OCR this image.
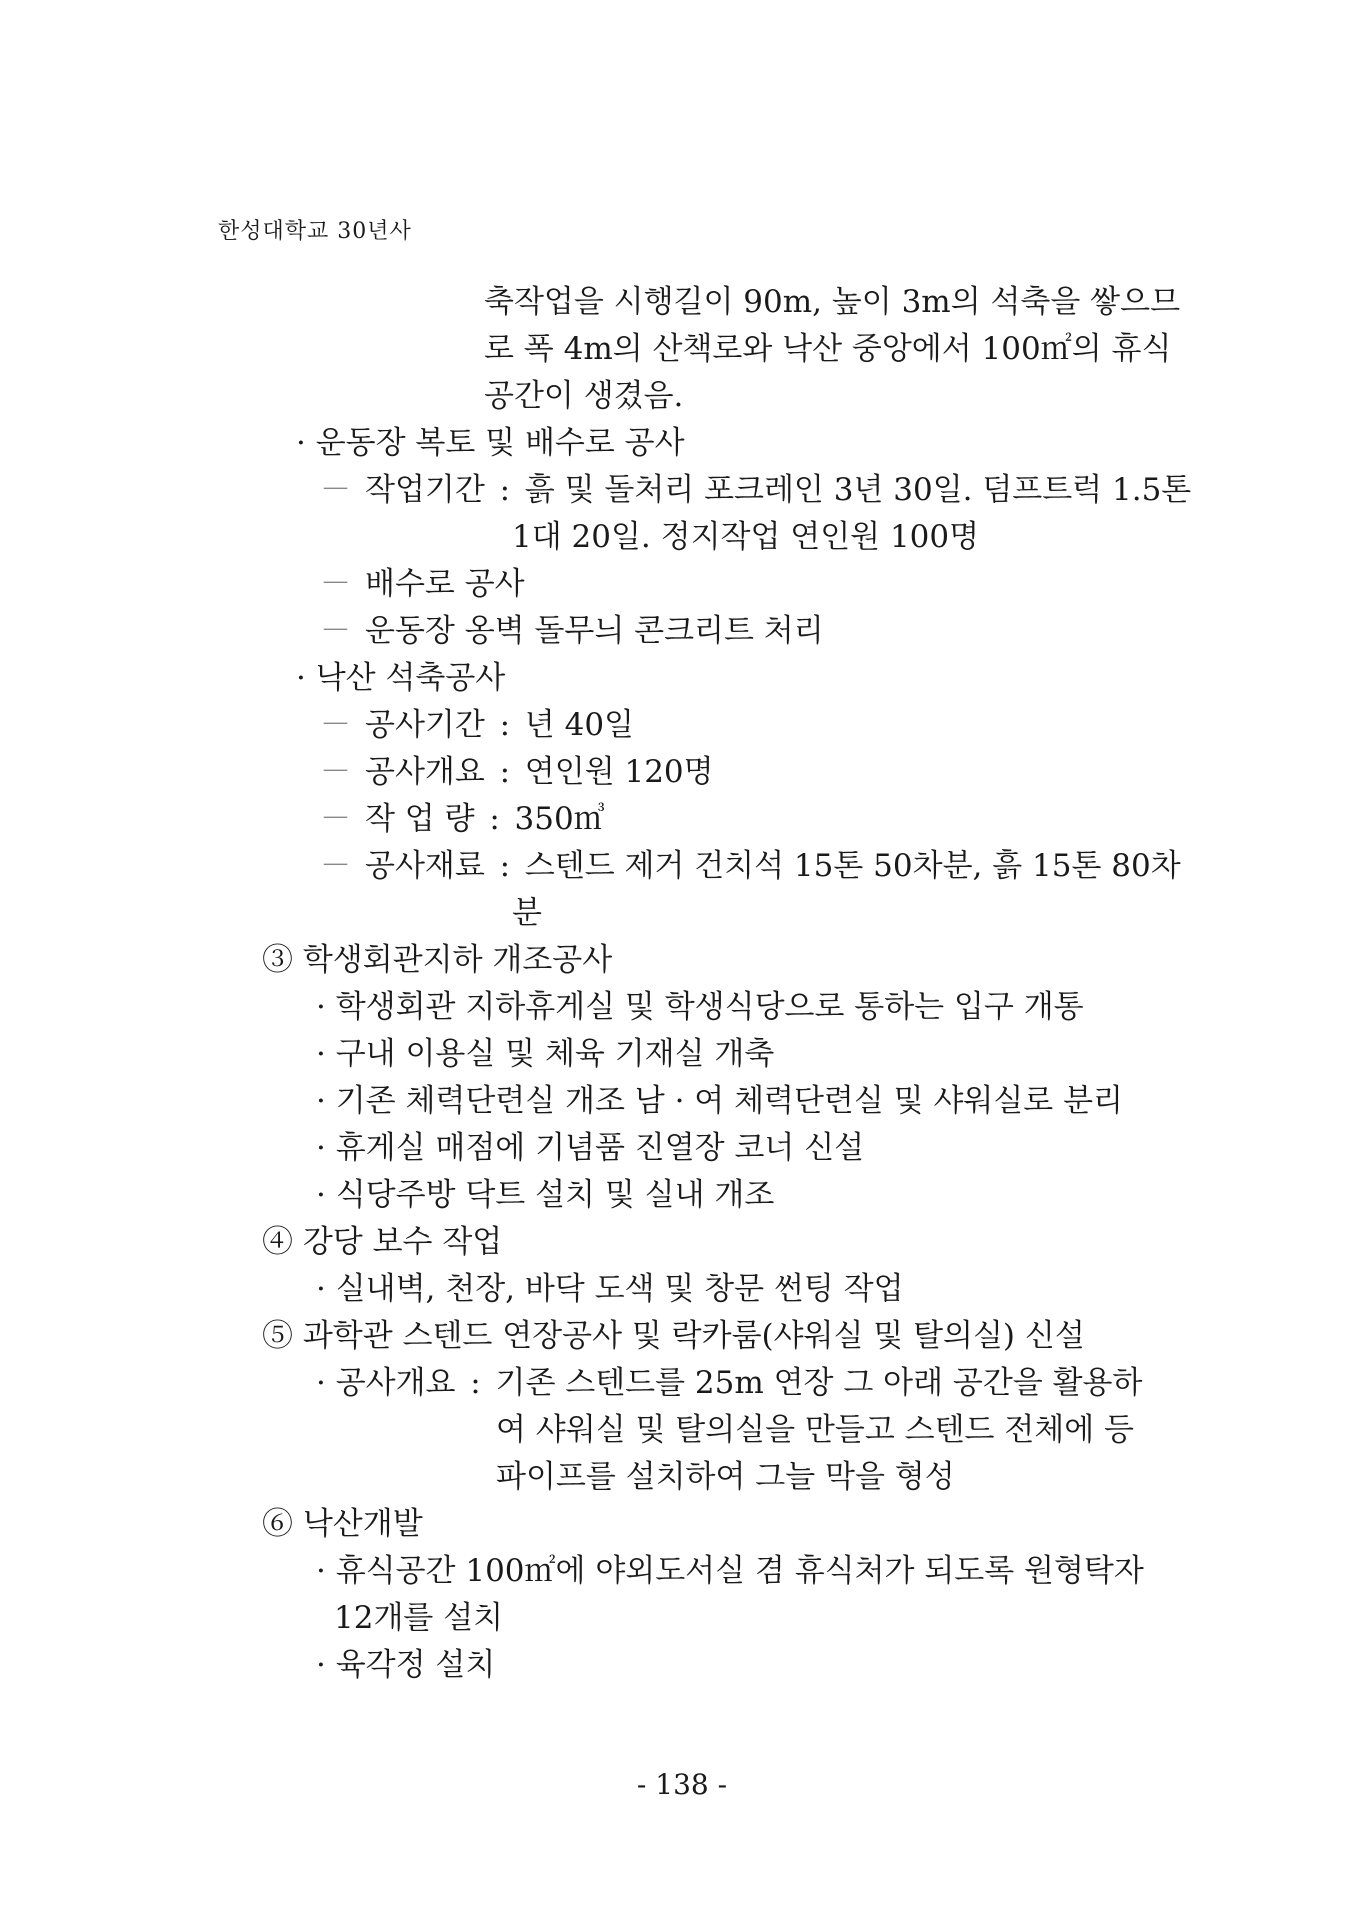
한성대학교 30년사
축작업을 시행길이 90m, 높이 3m의 석축을 쌓으므
로 폭 4m의 산책로와 낙산 중앙에서 100㎡의 휴식
공간이 생겼음.
· 운동장 복토 및 배수로 공사
－ 작업기간 : 흙 및 돌처리 포크레인 3년 30일. 덤프트럭 1.5톤
1대 20일. 정지작업 연인원 100명
－ 배수로 공사
－ 운동장 옹벽 돌무늬 콘크리트 처리
· 낙산 석축공사
－ 공사기간 : 년 40일
－ 공사개요 : 연인원 120명
－ 작 업 량 : 350㎥
－ 공사재료 : 스텐드 제거 건치석 15톤 50차분, 흙 15톤 80차
분
③ 학생회관지하 개조공사
· 학생회관 지하휴게실 및 학생식당으로 통하는 입구 개통
· 구내 이용실 및 체육 기재실 개축
· 기존 체력단련실 개조 남 · 여 체력단련실 및 샤워실로 분리
· 휴게실 매점에 기념품 진열장 코너 신설
· 식당주방 닥트 설치 및 실내 개조
④ 강당 보수 작업
· 실내벽, 천장, 바닥 도색 및 창문 썬팅 작업
⑤ 과학관 스텐드 연장공사 및 락카룸(샤워실 및 탈의실) 신설
· 공사개요 : 기존 스텐드를 25m 연장 그 아래 공간을 활용하
여 샤워실 및 탈의실을 만들고 스텐드 전체에 등
파이프를 설치하여 그늘 막을 형성
⑥ 낙산개발
· 휴식공간 100㎡에 야외도서실 겸 휴식처가 되도록 원형탁자
12개를 설치
· 육각정 설치
- 138 -
